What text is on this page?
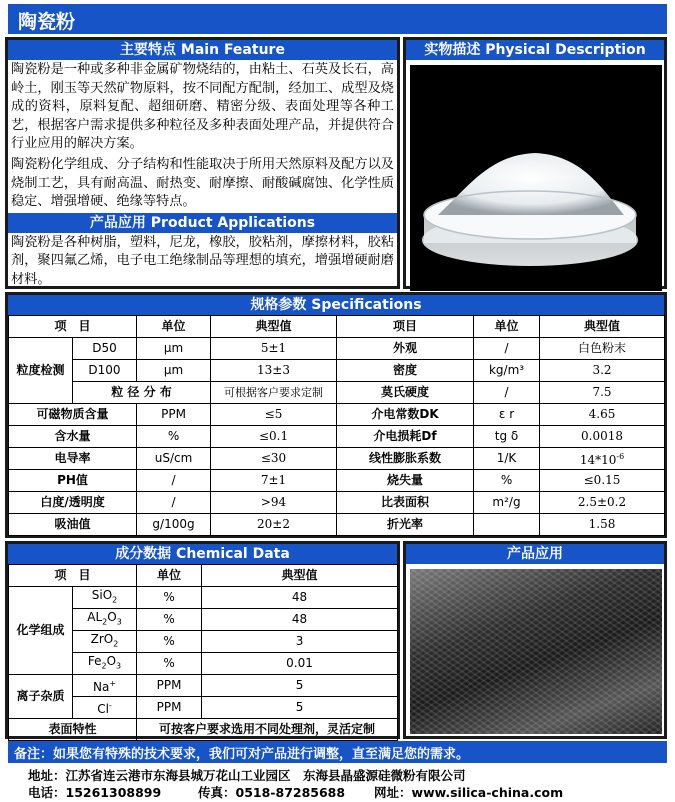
陶瓷粉
主要特点 Main Feature

陶瓷粉是一种或多种非金属矿物烧结的，由粘土、石英及长石，高岭土，刚玉等天然矿物原料，按不同配方配制，经加工、成型及烧成的资料，原料复配、超细研磨、精密分级、表面处理等各种工艺，根据客户需求提供多种粒径及多种表面处理产品，并提供符合行业应用的解决方案。

陶瓷粉化学组成、分子结构和性能取决于所用天然原料及配方以及烧制工艺，具有耐高温、耐热变、耐摩擦、耐酸碱腐蚀、化学性质稳定、增强增硬、绝缘等特点。

产品应用 Product Applications

陶瓷粉是各种树脂，塑料，尼龙，橡胶，胶粘剂，摩擦材料，胶粘剂，聚四氟乙烯，电子电工绝缘制品等理想的填充，增强增硬耐磨材料。

实物描述 Physical Description
规格参数 Specifications
项　目		单位	典型值	项目	单位	典型值
粒度检测	D50	μm	5±1	外观	/	白色粉末
	D100	μm	13±3	密度	kg/m³	3.2
	粒 径 分 布		可根据客户要求定制	莫氏硬度	/	7.5
可磁物质含量		PPM	≤5	介电常数DK	ε r	4.65
含水量		%	≤0.1	介电损耗Df	tg δ	0.0018
电导率		uS/cm	≤30	线性膨胀系数	1/K	$14*10^{-6}$
PH值		/	7±1	烧失量	%	≤0.15
白度/透明度		/	>94	比表面积	m²/g	2.5±0.2
吸油值		g/100g	20±2	折光率		1.58
成分数据 Chemical Data
项　目		单位	典型值
化学组成	SiO$_2$	%	48
	$AL_2O_3$	%	48
	ZrO$_2$	%	3
	$Fe_2O_3$	%	0.01
离子杂质	Na+	PPM	5
	Cl-	PPM	5
表面特性		可按客户要求选用不同处理剂，灵活定制	
产品应用
备注：如果您有特殊的技术要求，我们可对产品进行调整，直至满足您的需求。
地址：江苏省连云港市东海县城万花山工业园区　东海县晶盛源硅微粉有限公司
电话：15261308899	传真：0518-87285688 网址：www.silica-china.com
